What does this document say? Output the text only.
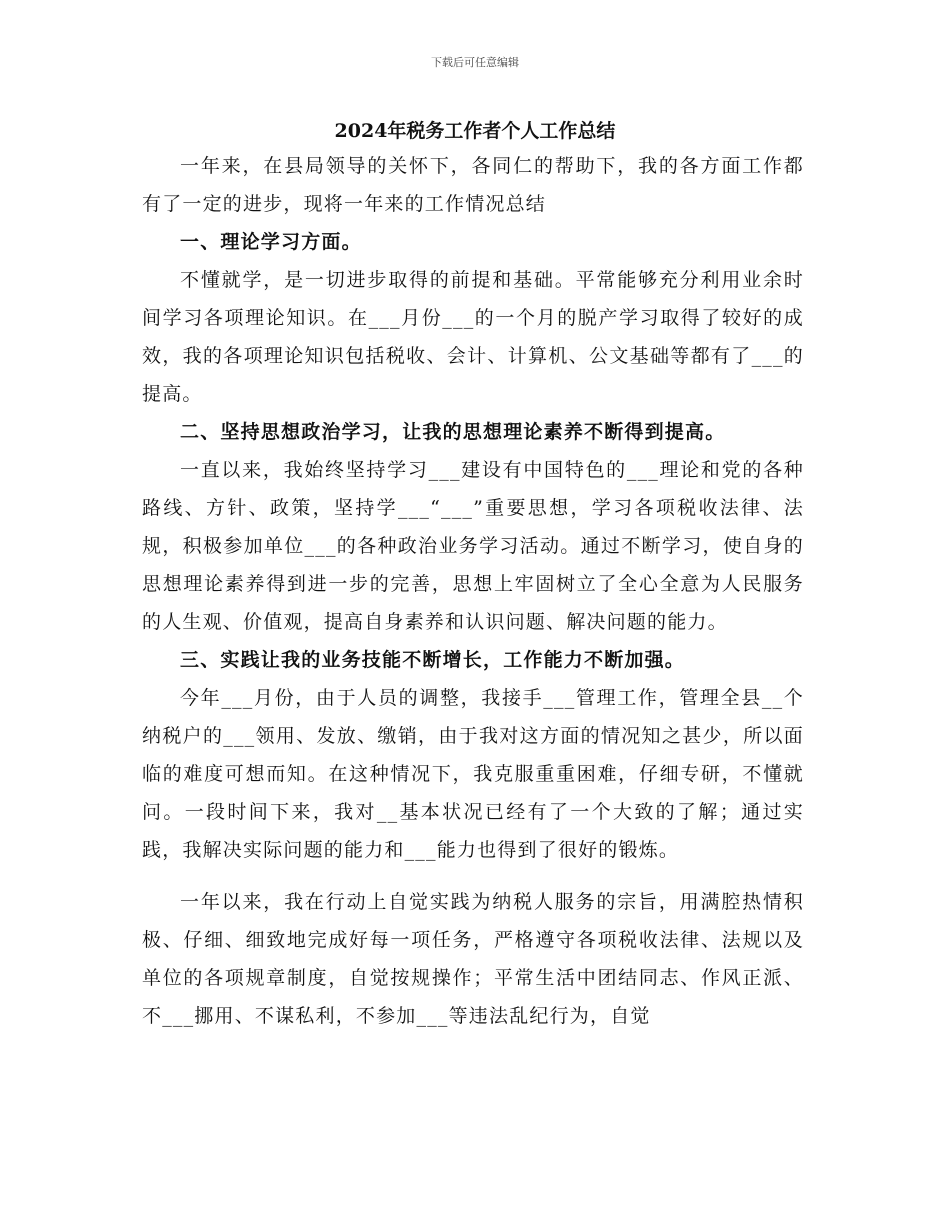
下载后可任意编辑
2024年税务工作者个人工作总结

一年来，在县局领导的关怀下，各同仁的帮助下，我的各方面工作都有了一定的进步，现将一年来的工作情况总结

一、理论学习方面。

不懂就学，是一切进步取得的前提和基础。平常能够充分利用业余时间学习各项理论知识。在___月份___的一个月的脱产学习取得了较好的成效，我的各项理论知识包括税收、会计、计算机、公文基础等都有了___的提高。

二、坚持思想政治学习，让我的思想理论素养不断得到提高。

一直以来，我始终坚持学习___建设有中国特色的___理论和党的各种路线、方针、政策，坚持学___“___”重要思想，学习各项税收法律、法规，积极参加单位___的各种政治业务学习活动。通过不断学习，使自身的思想理论素养得到进一步的完善，思想上牢固树立了全心全意为人民服务的人生观、价值观，提高自身素养和认识问题、解决问题的能力。

三、实践让我的业务技能不断增长，工作能力不断加强。

今年___月份，由于人员的调整，我接手___管理工作，管理全县__个纳税户的___领用、发放、缴销，由于我对这方面的情况知之甚少，所以面临的难度可想而知。在这种情况下，我克服重重困难，仔细专研，不懂就问。一段时间下来，我对__基本状况已经有了一个大致的了解；通过实践，我解决实际问题的能力和___能力也得到了很好的锻炼。

一年以来，我在行动上自觉实践为纳税人服务的宗旨，用满腔热情积极、仔细、细致地完成好每一项任务，严格遵守各项税收法律、法规以及单位的各项规章制度，自觉按规操作；平常生活中团结同志、作风正派、不___挪用、不谋私利，不参加___等违法乱纪行为，自觉
